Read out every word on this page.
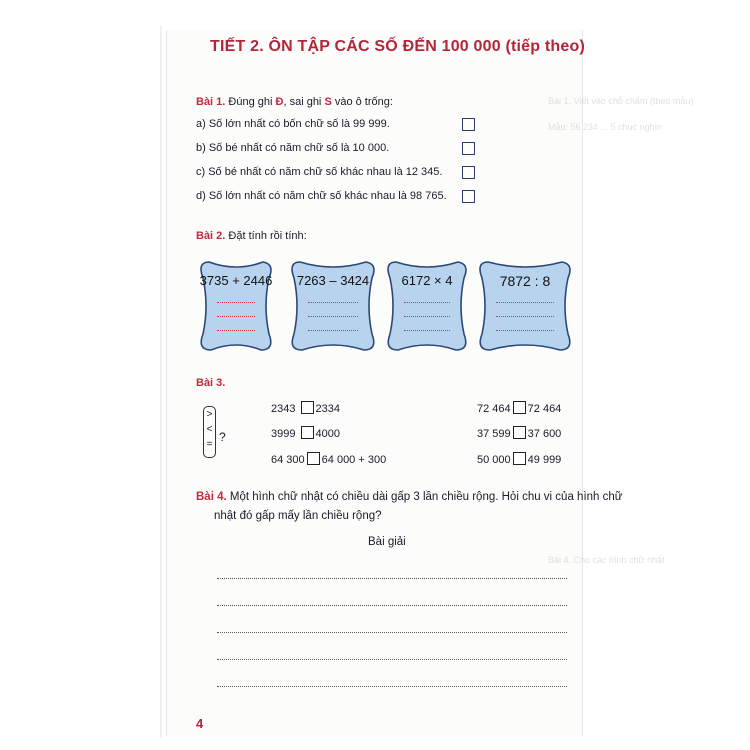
Bài 1. Viết vào chỗ chấm (theo mẫu)
Mẫu: 56 234 ... 5 chục nghìn
Bài 4. Cho các hình chữ nhật
TIẾT 2. ÔN TẬP CÁC SỐ ĐẾN 100 000 (tiếp theo)
Bài 1. Đúng ghi Đ, sai ghi S vào ô trống:
a) Số lớn nhất có bốn chữ số là 99 999.
b) Số bé nhất có năm chữ số là 10 000.
c) Số bé nhất có năm chữ số khác nhau là 12 345.
d) Số lớn nhất có năm chữ số khác nhau là 98 765.
Bài 2. Đặt tính rồi tính:
3735 + 2446	7263 – 3424	6172 × 4	7872 : 8
Bài 3.
>
<
=
?
2343 2334
3999 4000
64 300 64 000 + 300
72 464 72 464
37 599 37 600
50 000 49 999
Bài 4. Một hình chữ nhật có chiều dài gấp 3 lần chiều rộng. Hỏi chu vi của hình chữ
nhật đó gấp mấy lần chiều rộng?
Bài giải
4
